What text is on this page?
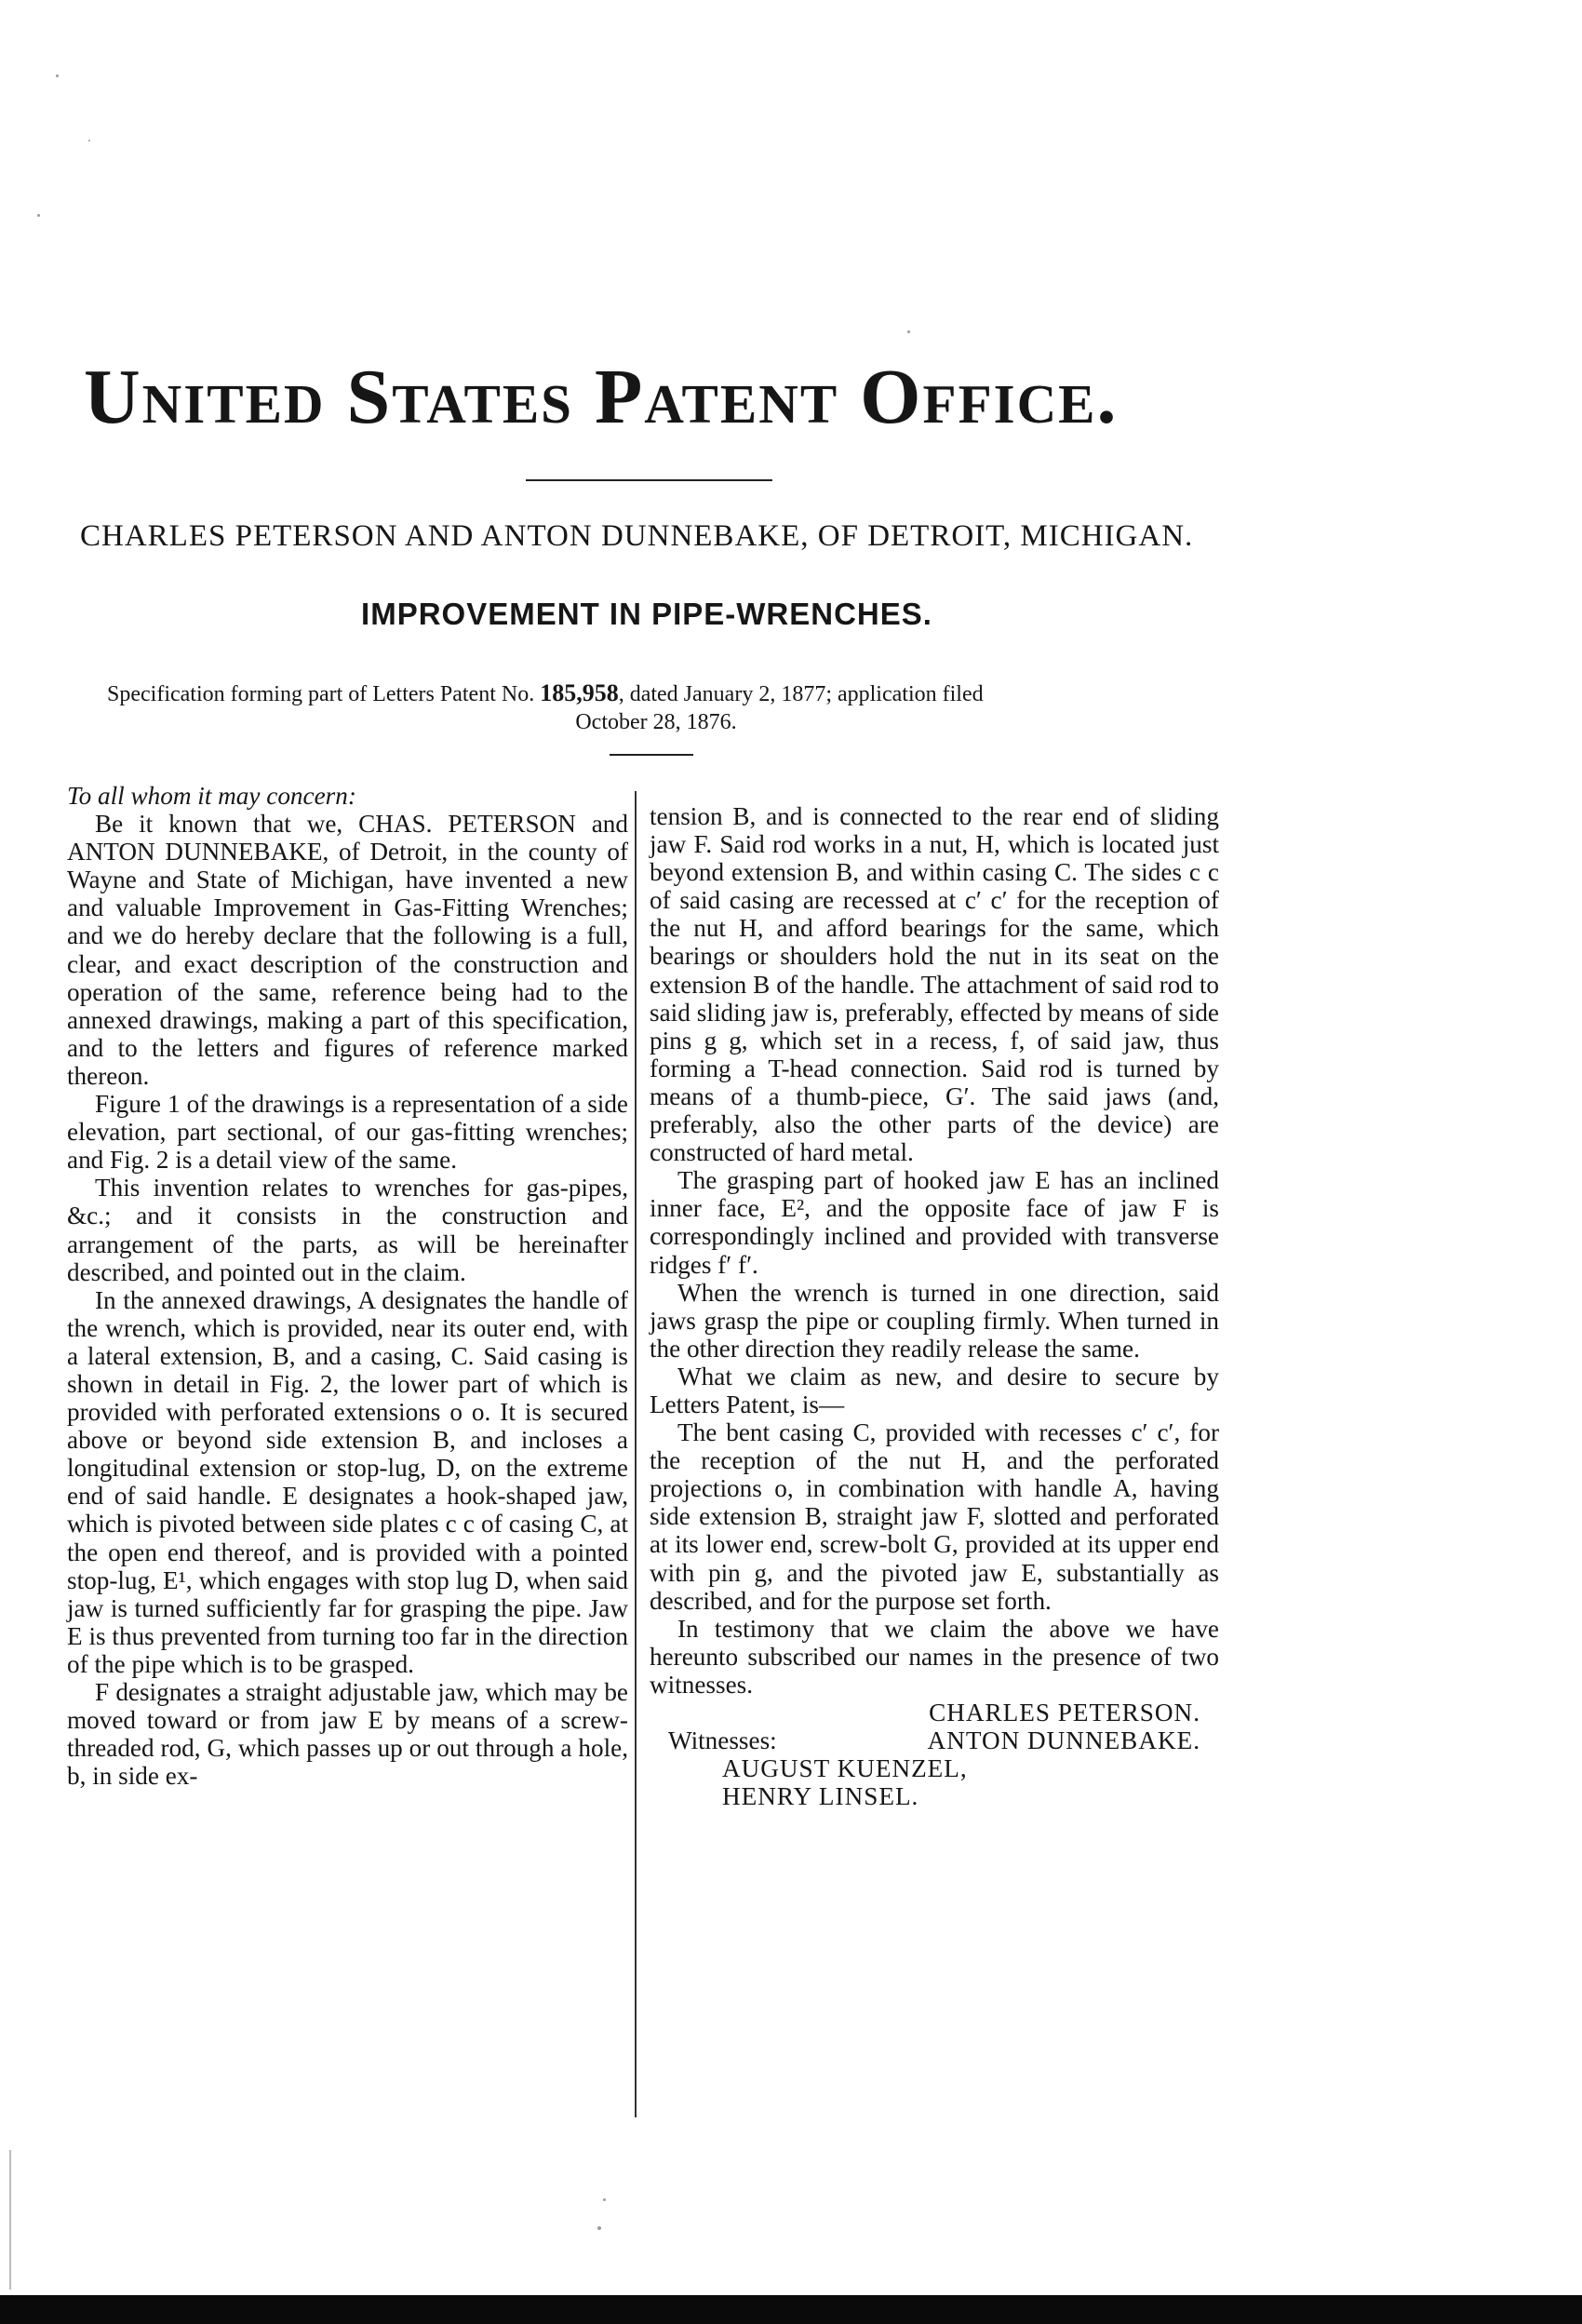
United States Patent Office.
CHARLES PETERSON AND ANTON DUNNEBAKE, OF DETROIT, MICHIGAN.
IMPROVEMENT IN PIPE-WRENCHES.
Specification forming part of Letters Patent No. 185,958, dated January 2, 1877; application filed
October 28, 1876.

To all whom it may concern:

Be it known that we, CHAS. PETERSON and ANTON DUNNEBAKE, of Detroit, in the county of Wayne and State of Michigan, have invented a new and valuable Improvement in Gas-Fitting Wrenches; and we do hereby declare that the following is a full, clear, and exact description of the construction and operation of the same, reference being had to the annexed drawings, making a part of this specification, and to the letters and figures of reference marked thereon.

Figure 1 of the drawings is a representation of a side elevation, part sectional, of our gas-fitting wrenches; and Fig. 2 is a detail view of the same.

This invention relates to wrenches for gas-pipes, &c.; and it consists in the construction and arrangement of the parts, as will be hereinafter described, and pointed out in the claim.

In the annexed drawings, A designates the handle of the wrench, which is provided, near its outer end, with a lateral extension, B, and a casing, C. Said casing is shown in detail in Fig. 2, the lower part of which is provided with perforated extensions o o. It is secured above or beyond side extension B, and incloses a longitudinal extension or stop-lug, D, on the extreme end of said handle. E designates a hook-shaped jaw, which is pivoted between side plates c c of casing C, at the open end thereof, and is provided with a pointed stop-lug, E¹, which engages with stop lug D, when said jaw is turned sufficiently far for grasping the pipe. Jaw E is thus prevented from turning too far in the direction of the pipe which is to be grasped.

F designates a straight adjustable jaw, which may be moved toward or from jaw E by means of a screw-threaded rod, G, which passes up or out through a hole, b, in side ex-

tension B, and is connected to the rear end of sliding jaw F. Said rod works in a nut, H, which is located just beyond extension B, and within casing C. The sides c c of said casing are recessed at c′ c′ for the reception of the nut H, and afford bearings for the same, which bearings or shoulders hold the nut in its seat on the extension B of the handle. The attachment of said rod to said sliding jaw is, preferably, effected by means of side pins g g, which set in a recess, f, of said jaw, thus forming a T-head connection. Said rod is turned by means of a thumb-piece, G′. The said jaws (and, preferably, also the other parts of the device) are constructed of hard metal.

The grasping part of hooked jaw E has an inclined inner face, E², and the opposite face of jaw F is correspondingly inclined and provided with transverse ridges f′ f′.

When the wrench is turned in one direction, said jaws grasp the pipe or coupling firmly. When turned in the other direction they readily release the same.

What we claim as new, and desire to secure by Letters Patent, is—

The bent casing C, provided with recesses c′ c′, for the reception of the nut H, and the perforated projections o, in combination with handle A, having side extension B, straight jaw F, slotted and perforated at its lower end, screw-bolt G, provided at its upper end with pin g, and the pivoted jaw E, substantially as described, and for the purpose set forth.

In testimony that we claim the above we have hereunto subscribed our names in the presence of two witnesses.

CHARLES PETERSON.
ANTON DUNNEBAKE.
Witnesses:
AUGUST KUENZEL,
HENRY LINSEL.
